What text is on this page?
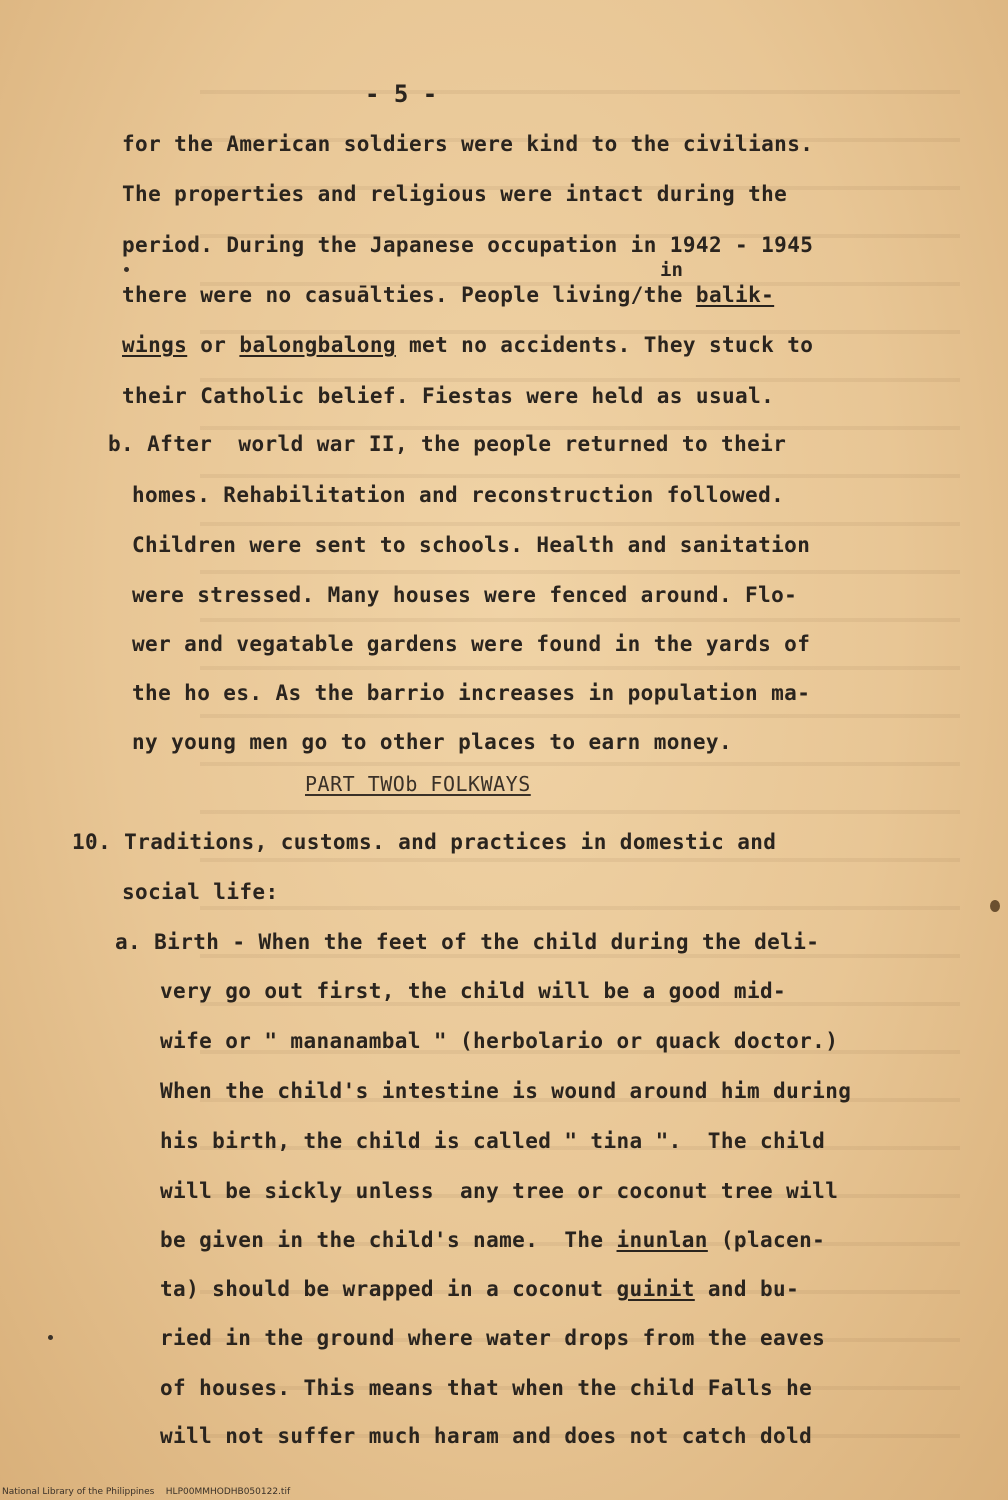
- 5 -
for the American soldiers were kind to the civilians.
The properties and religious were intact during the
period. During the Japanese occupation in 1942 - 1945
in
there were no casuālties. People living/the balik-
wings or balongbalong met no accidents. They stuck to
their Catholic belief. Fiestas were held as usual.
b. After  world war II, the people returned to their
homes. Rehabilitation and reconstruction followed.
Children were sent to schools. Health and sanitation
were stressed. Many houses were fenced around. Flo-
wer and vegatable gardens were found in the yards of
the ho es. As the barrio increases in population ma-
ny young men go to other places to earn money.
PART TWOb FOLKWAYS
10. Traditions, customs. and practices in domestic and
social life:
a. Birth - When the feet of the child during the deli-
very go out first, the child will be a good mid-
wife or " mananambal " (herbolario or quack doctor.)
When the child's intestine is wound around him during
his birth, the child is called " tina ".  The child
will be sickly unless  any tree or coconut tree will
be given in the child's name.  The inunlan (placen-
ta) should be wrapped in a coconut guinit and bu-
ried in the ground where water drops from the eaves
of houses. This means that when the child Falls he
will not suffer much haram and does not catch dold
National Library of the Philippines    HLP00MMHODHB050122.tif
